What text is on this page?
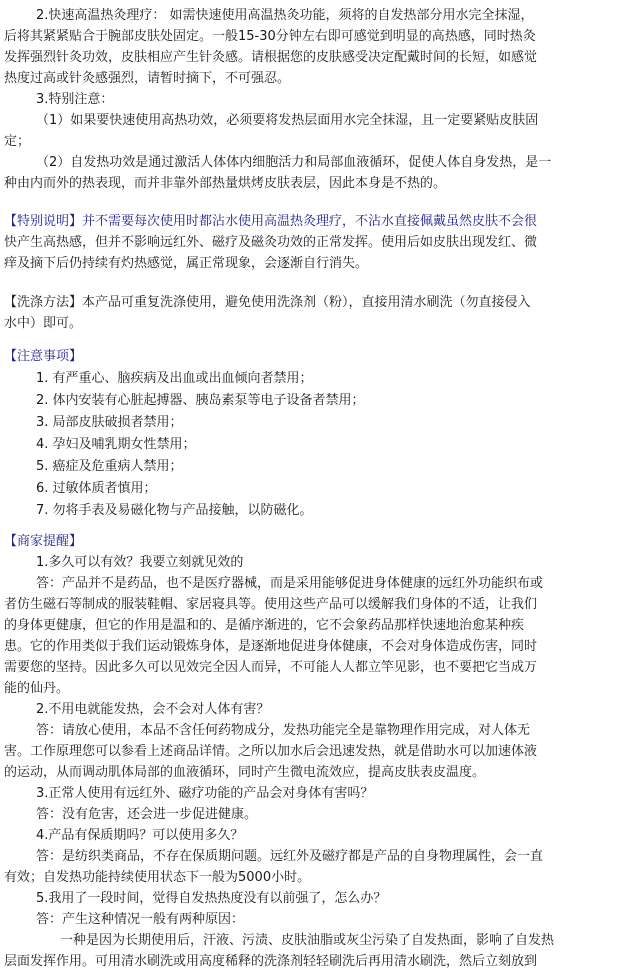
2.快速高温热灸理疗： 如需快速使用高温热灸功能，须将的自发热部分用水完全抹湿，
后将其紧紧贴合于腕部皮肤处固定。一般15-30分钟左右即可感觉到明显的高热感，同时热灸
发挥强烈针灸功效，皮肤相应产生针灸感。请根据您的皮肤感受决定配戴时间的长短，如感觉
热度过高或针灸感强烈，请暂时摘下，不可强忍。
3.特别注意：
（1）如果要快速使用高热功效，必须要将发热层面用水完全抹湿，且一定要紧贴皮肤固
定；
（2）自发热功效是通过激活人体体内细胞活力和局部血液循环，促使人体自身发热，是一
种由内而外的热表现，而并非靠外部热量烘烤皮肤表层，因此本身是不热的。
【特别说明】并不需要每次使用时都沾水使用高温热灸理疗，不沾水直接佩戴虽然皮肤不会很
快产生高热感，但并不影响远红外、磁疗及磁灸功效的正常发挥。使用后如皮肤出现发红、微
痒及摘下后仍持续有灼热感觉，属正常现象，会逐渐自行消失。
【洗涤方法】本产品可重复洗涤使用，避免使用洗涤剂（粉），直接用清水刷洗（勿直接侵入
水中）即可。
【注意事项】
1. 有严重心、脑疾病及出血或出血倾向者禁用；
2. 体内安装有心脏起搏器、胰岛素泵等电子设备者禁用；
3. 局部皮肤破损者禁用；
4. 孕妇及哺乳期女性禁用；
5. 癌症及危重病人禁用；
6. 过敏体质者慎用；
7. 勿将手表及易磁化物与产品接触，以防磁化。
【商家提醒】
1.多久可以有效？我要立刻就见效的
答：产品并不是药品，也不是医疗器械，而是采用能够促进身体健康的远红外功能织布或
者仿生磁石等制成的服装鞋帽、家居寝具等。使用这些产品可以缓解我们身体的不适，让我们
的身体更健康，但它的作用是温和的、是循序渐进的，它不会象药品那样快速地治愈某种疾
患。它的作用类似于我们运动锻炼身体，是逐渐地促进身体健康，不会对身体造成伤害，同时
需要您的坚持。因此多久可以见效完全因人而异，不可能人人都立竿见影，也不要把它当成万
能的仙丹。
2.不用电就能发热，会不会对人体有害？
答：请放心使用，本品不含任何药物成分，发热功能完全是靠物理作用完成，对人体无
害。工作原理您可以参看上述商品详情。之所以加水后会迅速发热，就是借助水可以加速体液
的运动，从而调动肌体局部的血液循环，同时产生微电流效应，提高皮肤表皮温度。
3.正常人使用有远红外、磁疗功能的产品会对身体有害吗？
答：没有危害，还会进一步促进健康。
4.产品有保质期吗？可以使用多久？
答：是纺织类商品，不存在保质期问题。远红外及磁疗都是产品的自身物理属性，会一直
有效；自发热功能持续使用状态下一般为5000小时。
5.我用了一段时间，觉得自发热热度没有以前强了，怎么办？
答：产生这种情况一般有两种原因：
一种是因为长期使用后，汗液、污渍、皮肤油脂或灰尘污染了自发热面，影响了自发热
层面发挥作用。可用清水刷洗或用高度稀释的洗涤剂轻轻刷洗后再用清水刷洗，然后立刻放到
